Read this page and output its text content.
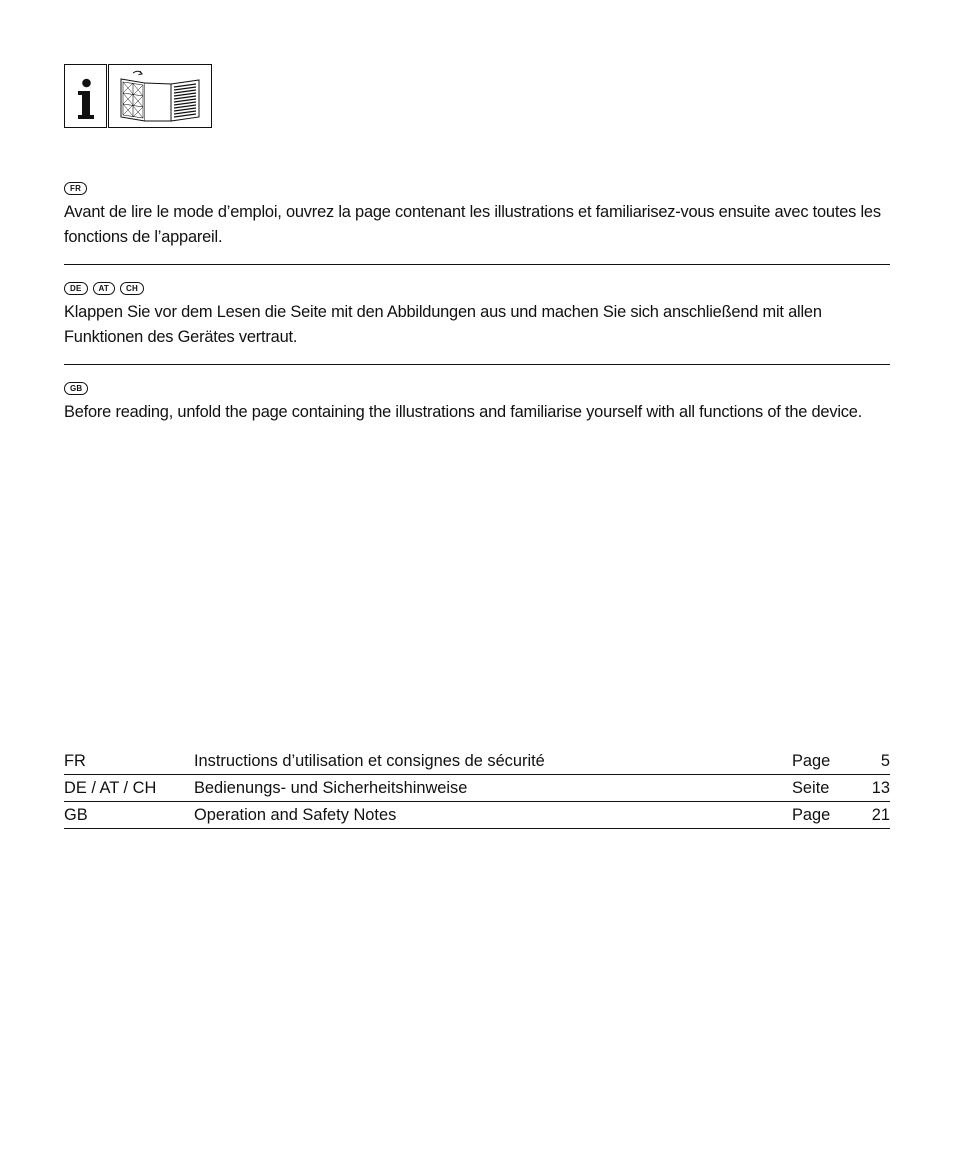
FR

Avant de lire le mode d’emploi, ouvrez la page contenant les illustrations et familiarisez-vous ensuite avec toutes les fonctions de l’appareil.

DE	AT	CH

Klappen Sie vor dem Lesen die Seite mit den Abbildungen aus und machen Sie sich anschließend mit allen Funktionen des Gerätes vertraut.

GB

Before reading, unfold the page containing the illustrations and familiarise yourself with all functions of the device.

FR	Instructions d’utilisation et consignes de sécurité	Page	5
DE / AT / CH	Bedienungs- und Sicherheitshinweise	Seite	13
GB	Operation and Safety Notes	Page	21
